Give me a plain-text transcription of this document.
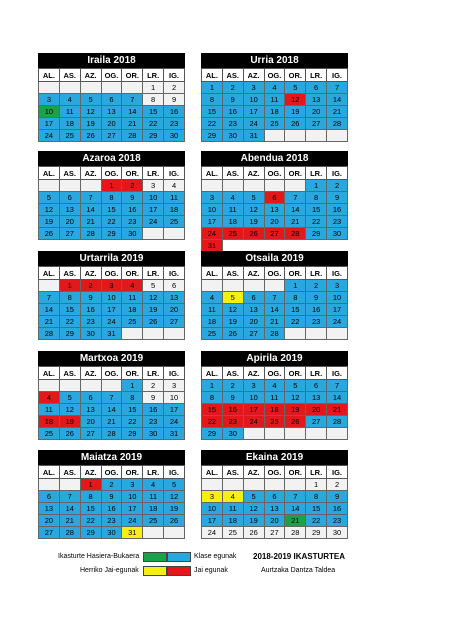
Iraila 2018
AL.	AS.	AZ.	OG.	OR.	LR.	IG.
					1	2
3	4	5	6	7	8	9
10	11	12	13	14	15	16
17	18	19	20	21	22	23
24	25	26	27	28	29	30
Urria 2018
AL.	AS.	AZ.	OG.	OR.	LR.	IG.
1	2	3	4	5	6	7
8	9	10	11	12	13	14
15	16	17	18	19	20	21
22	23	24	25	26	27	28
29	30	31				
Azaroa 2018
AL.	AS.	AZ.	OG.	OR.	LR.	IG.
			1	2	3	4
5	6	7	8	9	10	11
12	13	14	15	16	17	18
19	20	21	22	23	24	25
26	27	28	29	30		
Abendua 2018
AL.	AS.	AZ.	OG.	OR.	LR.	IG.
					1	2
3	4	5	6	7	8	9
10	11	12	13	14	15	16
17	18	19	20	21	22	23
24	25	26	27	28	29	30
31						
Urtarrila 2019
AL.	AS.	AZ.	OG.	OR.	LR.	IG.
	1	2	3	4	5	6
7	8	9	10	11	12	13
14	15	16	17	18	19	20
21	22	23	24	25	26	27
28	29	30	31			
Otsaila 2019
AL.	AS.	AZ.	OG.	OR.	LR.	IG.
				1	2	3
4	5	6	7	8	9	10
11	12	13	14	15	16	17
18	19	20	21	22	23	24
25	26	27	28			
Martxoa 2019
AL.	AS.	AZ.	OG.	OR.	LR.	IG.
				1	2	3
4	5	6	7	8	9	10
11	12	13	14	15	16	17
18	19	20	21	22	23	24
25	26	27	28	29	30	31
Apirila 2019
AL.	AS.	AZ.	OG.	OR.	LR.	IG.
1	2	3	4	5	6	7
8	9	10	11	12	13	14
15	16	17	18	19	20	21
22	23	24	25	26	27	28
29	30					
Maiatza 2019
AL.	AS.	AZ.	OG.	OR.	LR.	IG.
		1	2	3	4	5
6	7	8	9	10	11	12
13	14	15	16	17	18	19
20	21	22	23	24	25	26
27	28	29	30	31		
Ekaina 2019
AL.	AS.	AZ.	OG.	OR.	LR.	IG.
					1	2
3	4	5	6	7	8	9
10	11	12	13	14	15	16
17	18	19	20	21	22	23
24	25	26	27	28	29	30
Ikasturte Hasiera-Bukaera	Klase egunak
Herriko Jai-egunak	Jai egunak
2018-2019 IKASTURTEA
Aurtzaka Dantza Taldea
